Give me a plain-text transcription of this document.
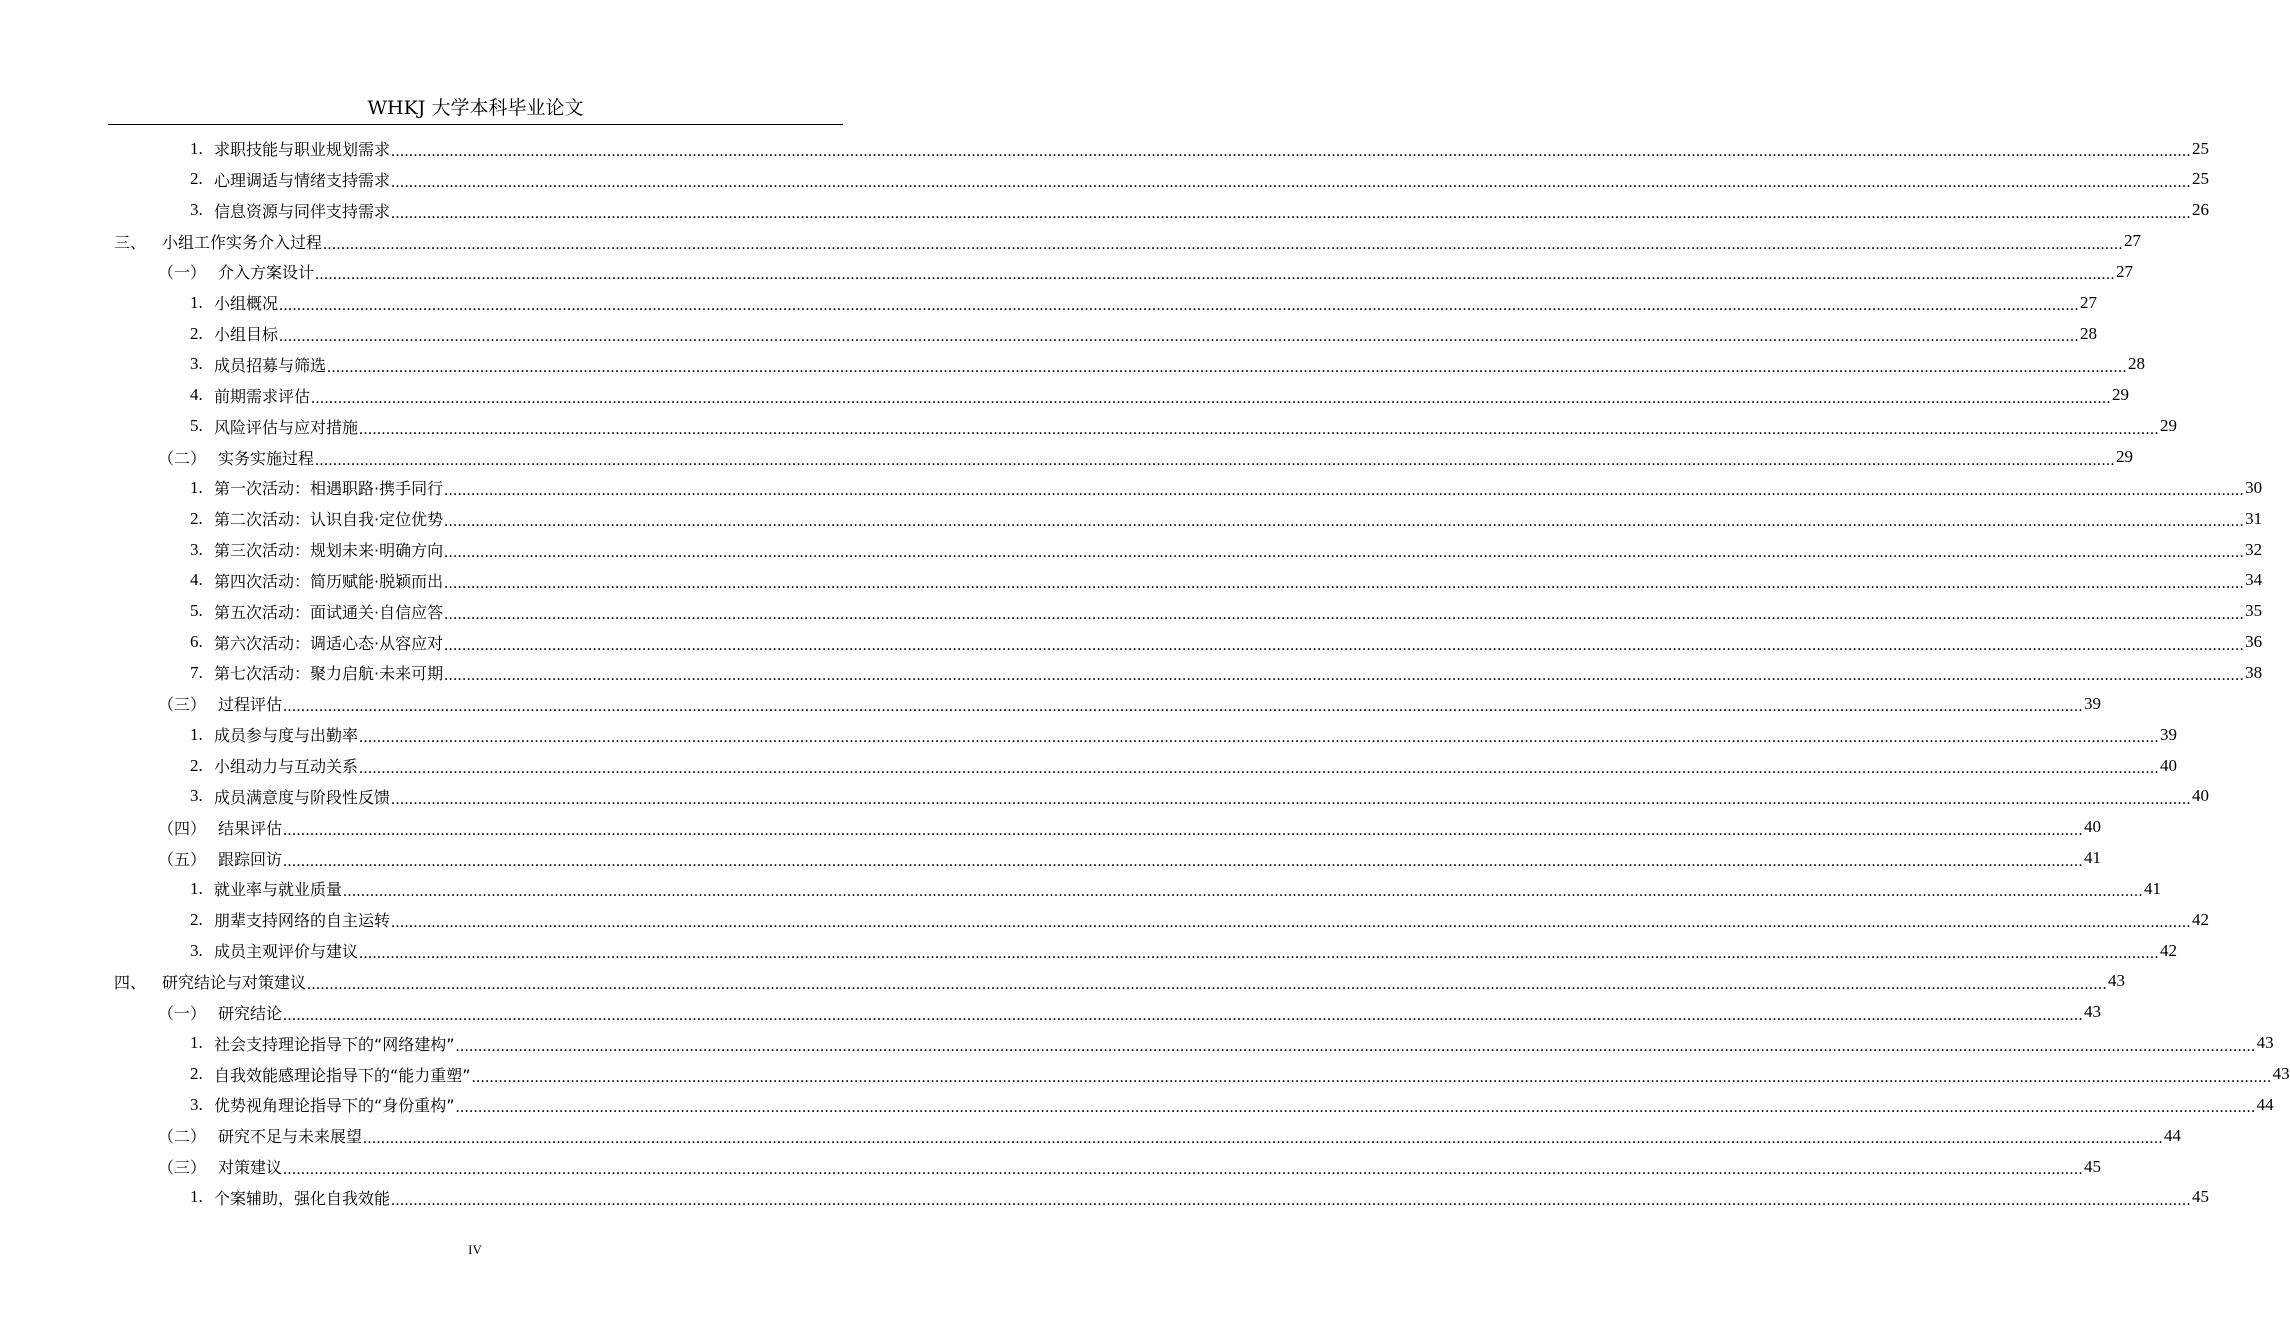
WHKJ 大学本科毕业论文
1. 求职技能与职业规划需求 ................................................................................................................................................................................................................................................................................................................................................................................................................ 25
2. 心理调适与情绪支持需求 ................................................................................................................................................................................................................................................................................................................................................................................................................ 25
3. 信息资源与同伴支持需求 ................................................................................................................................................................................................................................................................................................................................................................................................................ 26
三、 小组工作实务介入过程 ................................................................................................................................................................................................................................................................................................................................................................................................................ 27
（一） 介入方案设计 ................................................................................................................................................................................................................................................................................................................................................................................................................ 27
1. 小组概况 ................................................................................................................................................................................................................................................................................................................................................................................................................ 27
2. 小组目标 ................................................................................................................................................................................................................................................................................................................................................................................................................ 28
3. 成员招募与筛选 ................................................................................................................................................................................................................................................................................................................................................................................................................ 28
4. 前期需求评估 ................................................................................................................................................................................................................................................................................................................................................................................................................ 29
5. 风险评估与应对措施 ................................................................................................................................................................................................................................................................................................................................................................................................................ 29
（二） 实务实施过程 ................................................................................................................................................................................................................................................................................................................................................................................................................ 29
1. 第一次活动：相遇职路·携手同行 ................................................................................................................................................................................................................................................................................................................................................................................................................ 30
2. 第二次活动：认识自我·定位优势 ................................................................................................................................................................................................................................................................................................................................................................................................................ 31
3. 第三次活动：规划未来·明确方向 ................................................................................................................................................................................................................................................................................................................................................................................................................ 32
4. 第四次活动：简历赋能·脱颖而出 ................................................................................................................................................................................................................................................................................................................................................................................................................ 34
5. 第五次活动：面试通关·自信应答 ................................................................................................................................................................................................................................................................................................................................................................................................................ 35
6. 第六次活动：调适心态·从容应对 ................................................................................................................................................................................................................................................................................................................................................................................................................ 36
7. 第七次活动：聚力启航·未来可期 ................................................................................................................................................................................................................................................................................................................................................................................................................ 38
（三） 过程评估 ................................................................................................................................................................................................................................................................................................................................................................................................................ 39
1. 成员参与度与出勤率 ................................................................................................................................................................................................................................................................................................................................................................................................................ 39
2. 小组动力与互动关系 ................................................................................................................................................................................................................................................................................................................................................................................................................ 40
3. 成员满意度与阶段性反馈 ................................................................................................................................................................................................................................................................................................................................................................................................................ 40
（四） 结果评估 ................................................................................................................................................................................................................................................................................................................................................................................................................ 40
（五） 跟踪回访 ................................................................................................................................................................................................................................................................................................................................................................................................................ 41
1. 就业率与就业质量 ................................................................................................................................................................................................................................................................................................................................................................................................................ 41
2. 朋辈支持网络的自主运转 ................................................................................................................................................................................................................................................................................................................................................................................................................ 42
3. 成员主观评价与建议 ................................................................................................................................................................................................................................................................................................................................................................................................................ 42
四、 研究结论与对策建议 ................................................................................................................................................................................................................................................................................................................................................................................................................ 43
（一） 研究结论 ................................................................................................................................................................................................................................................................................................................................................................................................................ 43
1. 社会支持理论指导下的“网络建构” ................................................................................................................................................................................................................................................................................................................................................................................................................ 43
2. 自我效能感理论指导下的“能力重塑” ................................................................................................................................................................................................................................................................................................................................................................................................................ 43
3. 优势视角理论指导下的“身份重构” ................................................................................................................................................................................................................................................................................................................................................................................................................ 44
（二） 研究不足与未来展望 ................................................................................................................................................................................................................................................................................................................................................................................................................ 44
（三） 对策建议 ................................................................................................................................................................................................................................................................................................................................................................................................................ 45
1. 个案辅助，强化自我效能 ................................................................................................................................................................................................................................................................................................................................................................................................................ 45
IV
